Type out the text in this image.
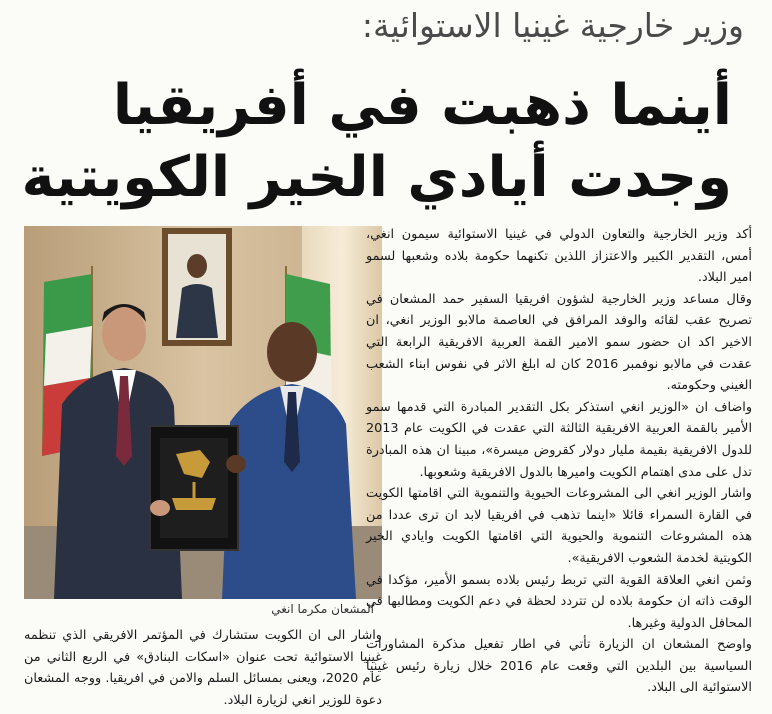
وزير خارجية غينيا الاستوائية:
أينما ذهبت في أفريقيا
وجدت أيادي الخير الكويتية
المشعان مكرما انغي

أكد وزير الخارجية والتعاون الدولي في غينيا الاستوائية سيمون انغي، أمس، التقدير الكبير والاعتزاز اللذين تكنهما حكومة بلاده وشعبها لسمو امير البلاد.

وقال مساعد وزير الخارجية لشؤون افريقيا السفير حمد المشعان في تصريح عقب لقائه والوفد المرافق في العاصمة مالابو الوزير انغي، ان الاخير اكد ان حضور سمو الامير القمة العربية الافريقية الرابعة التي عقدت في مالابو نوفمبر 2016 كان له ابلغ الاثر في نفوس ابناء الشعب الغيني وحكومته.

واضاف ان «الوزير انغي استذكر بكل التقدير المبادرة التي قدمها سمو الأمير بالقمة العربية الافريقية الثالثة التي عقدت في الكويت عام 2013 للدول الافريقية بقيمة مليار دولار كقروض ميسرة»، مبينا ان هذه المبادرة تدل على مدى اهتمام الكويت واميرها بالدول الافريقية وشعوبها.

واشار الوزير انغي الى المشروعات الحيوية والتنموية التي اقامتها الكويت في القارة السمراء قائلا «اينما تذهب في افريقيا لابد ان ترى عددا من هذه المشروعات التنموية والحيوية التي اقامتها الكويت وايادي الخير الكويتية لخدمة الشعوب الافريقية».

وثمن انغي العلاقة القوية التي تربط رئيس بلاده بسمو الأمير، مؤكدا في الوقت ذاته ان حكومة بلاده لن تتردد لحظة في دعم الكويت ومطالبها في المحافل الدولية وغيرها.

واوضح المشعان ان الزيارة تأتي في اطار تفعيل مذكرة المشاورات السياسية بين البلدين التي وقعت عام 2016 خلال زيارة رئيس غينيا الاستوائية الى البلاد.

واشار الى ان الكويت ستشارك في المؤتمر الافريقي الذي تنظمه غينيا الاستوائية تحت عنوان «اسكات البنادق» في الربع الثاني من عام 2020، ويعنى بمسائل السلم والامن في افريقيا. ووجه المشعان دعوة للوزير انغي لزيارة البلاد.
